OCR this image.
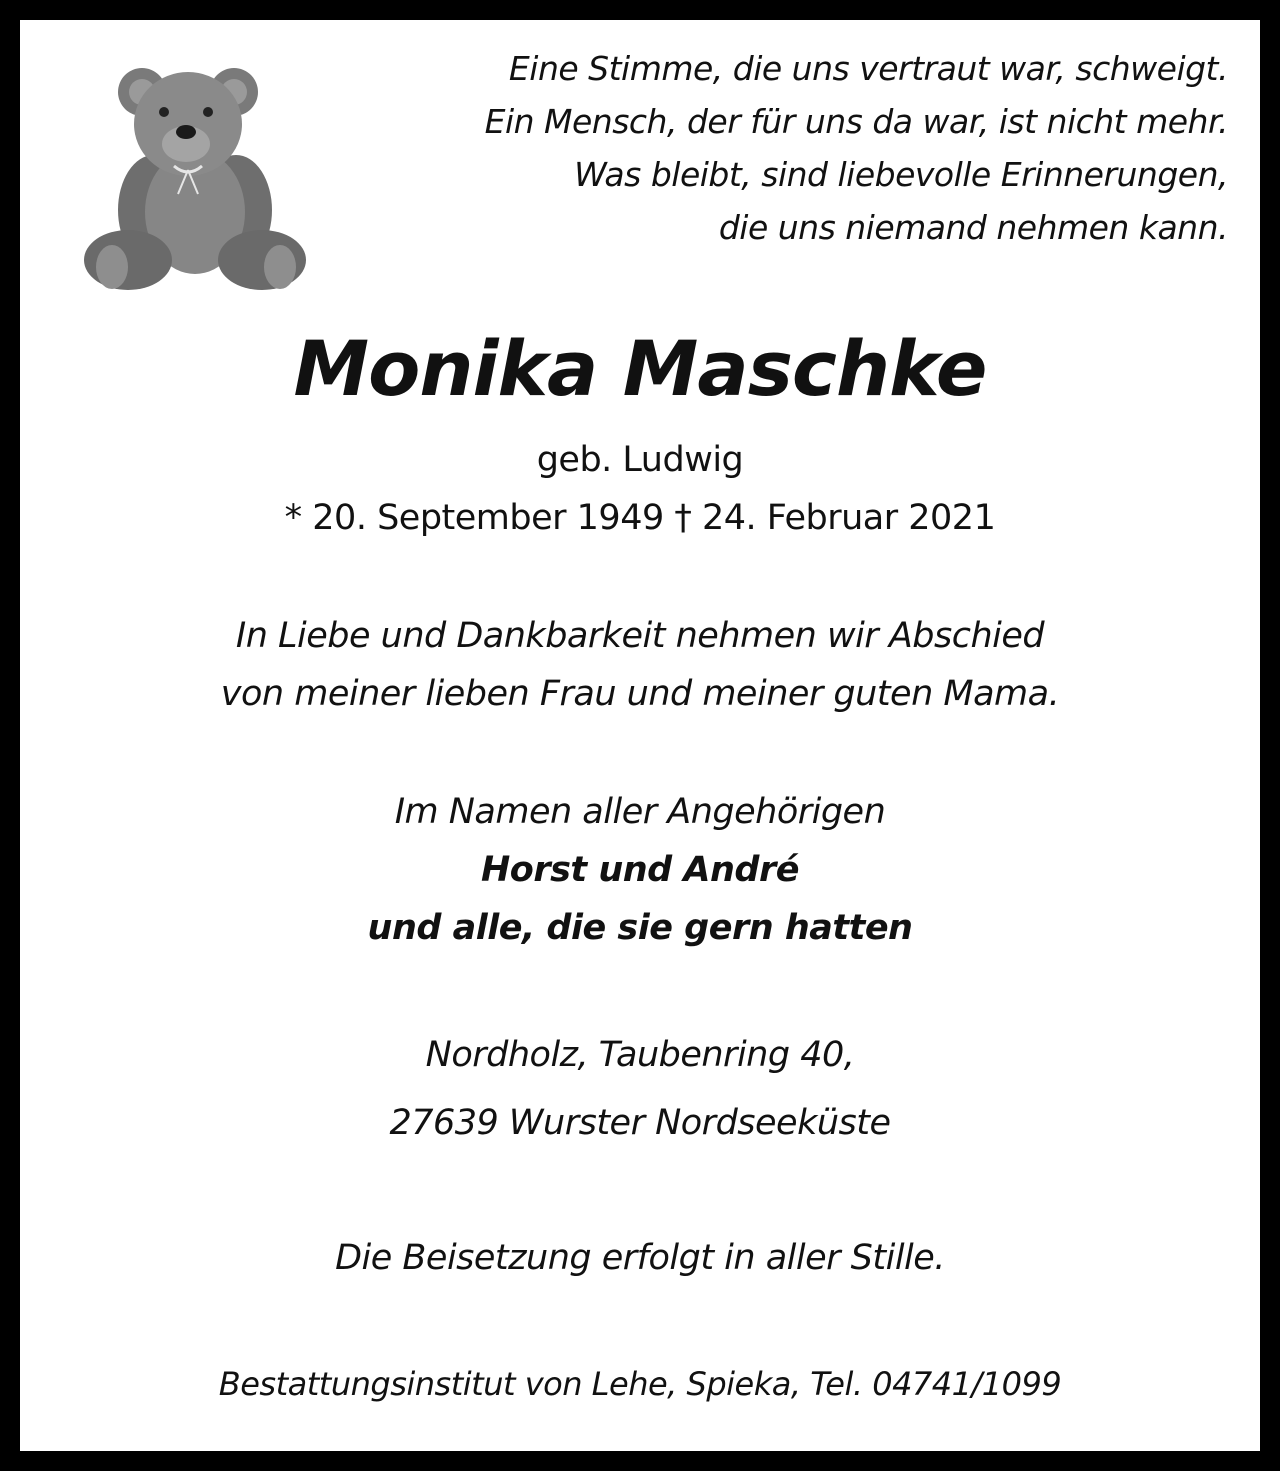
Eine Stimme, die uns vertraut war, schweigt.
Ein Mensch, der für uns da war, ist nicht mehr.
Was bleibt, sind liebevolle Erinnerungen,
die uns niemand nehmen kann.
Monika Maschke
geb. Ludwig
* 20. September 1949 † 24. Februar 2021
In Liebe und Dankbarkeit nehmen wir Abschied
von meiner lieben Frau und meiner guten Mama.
Im Namen aller Angehörigen
Horst und André
und alle, die sie gern hatten
Nordholz, Taubenring 40,
27639 Wurster Nordseeküste
Die Beisetzung erfolgt in aller Stille.
Bestattungsinstitut von Lehe, Spieka, Tel. 04741/1099
